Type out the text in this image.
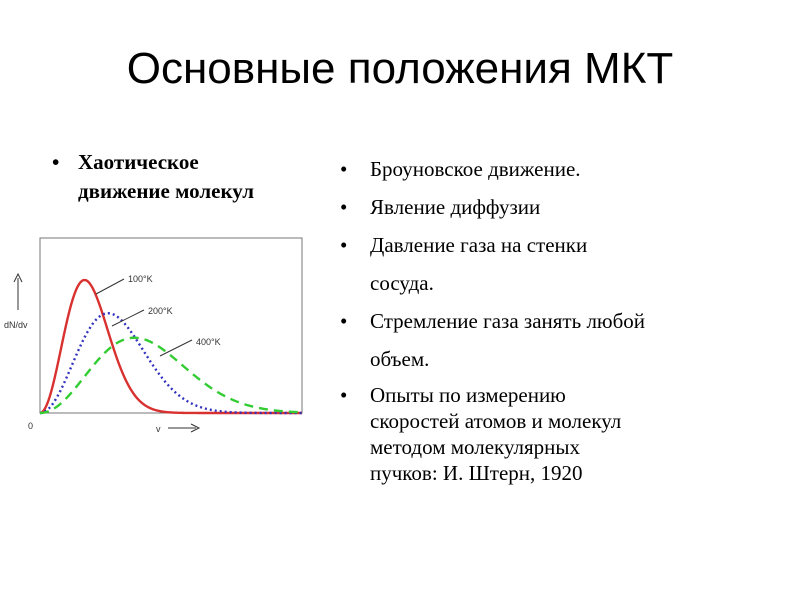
Основные положения МКТ
• Хаотическое
движение молекул
dN/dv
0	v
100°K
200°K
400°K
•	Броуновское движение.
•	Явление диффузии
•	Давление газа на стенки
сосуда.
•	Стремление газа занять любой
объем.
•	Опыты по измерению
скоростей атомов и молекул
методом молекулярных
пучков: И. Штерн, 1920
